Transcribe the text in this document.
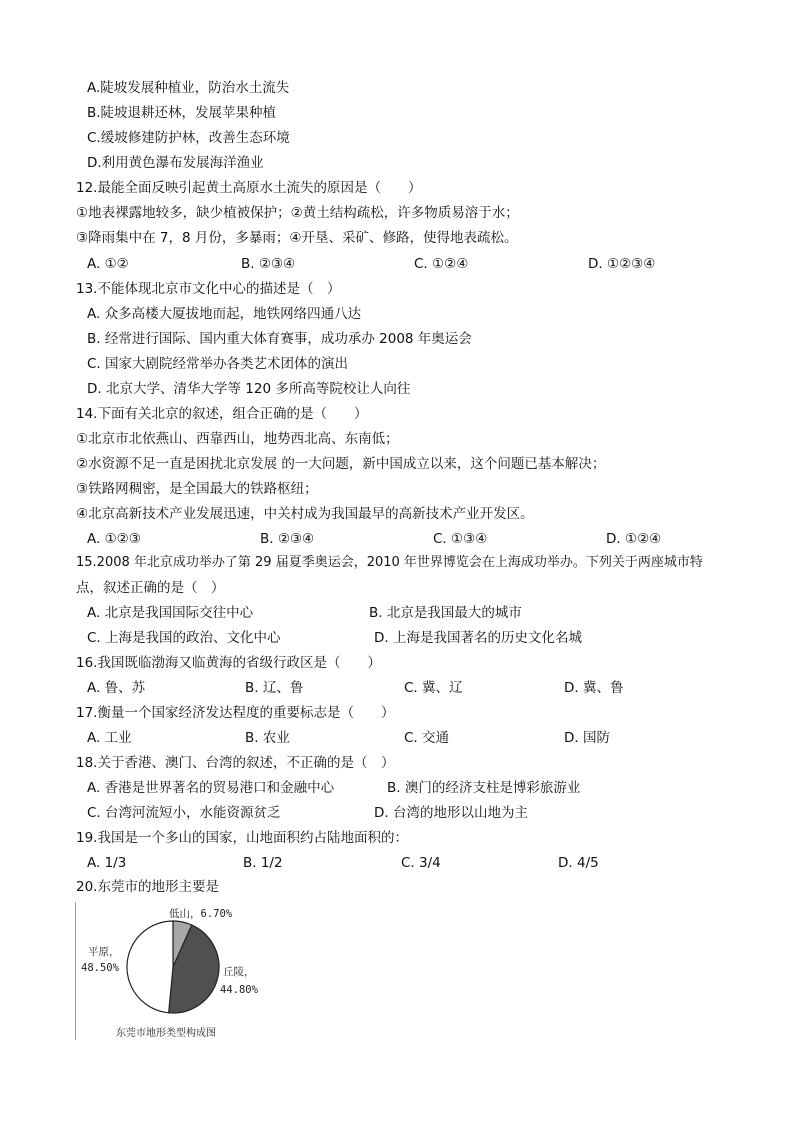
A.陡坡发展种植业，防治水土流失
B.陡坡退耕还林，发展苹果种植
C.缓坡修建防护林，改善生态环境
D.利用黄色瀑布发展海洋渔业
12.最能全面反映引起黄土高原水土流失的原因是（　　）
①地表裸露地较多，缺少植被保护；②黄土结构疏松，许多物质易溶于水；
③降雨集中在 7，8 月份，多暴雨；④开垦、采矿、修路，使得地表疏松。
A. ①②	B. ②③④	C. ①②④	D. ①②③④
13.不能体现北京市文化中心的描述是（　）
A. 众多高楼大厦拔地而起，地铁网络四通八达
B. 经常进行国际、国内重大体育赛事，成功承办 2008 年奥运会
C. 国家大剧院经常举办各类艺术团体的演出
D. 北京大学、清华大学等 120 多所高等院校让人向往
14.下面有关北京的叙述，组合正确的是（　　）
①北京市北依燕山、西靠西山，地势西北高、东南低；
②水资源不足一直是困扰北京发展 的一大问题，新中国成立以来，这个问题已基本解决；
③铁路网稠密，是全国最大的铁路枢纽；
④北京高新技术产业发展迅速，中关村成为我国最早的高新技术产业开发区。
A. ①②③	B. ②③④	C. ①③④	D. ①②④
15.2008 年北京成功举办了第 29 届夏季奥运会，2010 年世界博览会在上海成功举办。下列关于两座城市特
点，叙述正确的是（　）
A. 北京是我国国际交往中心	B. 北京是我国最大的城市
C. 上海是我国的政治、文化中心	D. 上海是我国著名的历史文化名城
16.我国既临渤海又临黄海的省级行政区是（　　）
A. 鲁、苏	B. 辽、鲁	C. 冀、辽	D. 冀、鲁
17.衡量一个国家经济发达程度的重要标志是（　　）
A. 工业	B. 农业	C. 交通	D. 国防
18.关于香港、澳门、台湾的叙述，不正确的是（　）
A. 香港是世界著名的贸易港口和金融中心	B. 澳门的经济支柱是博彩旅游业
C. 台湾河流短小，水能资源贫乏	D. 台湾的地形以山地为主
19.我国是一个多山的国家，山地面积约占陆地面积的：
A. 1/3	B. 1/2	C. 3/4	D. 4/5
20.东莞市的地形主要是
低山，6.70%
丘陵，
44.80%
平原，
48.50%
东莞市地形类型构成图
